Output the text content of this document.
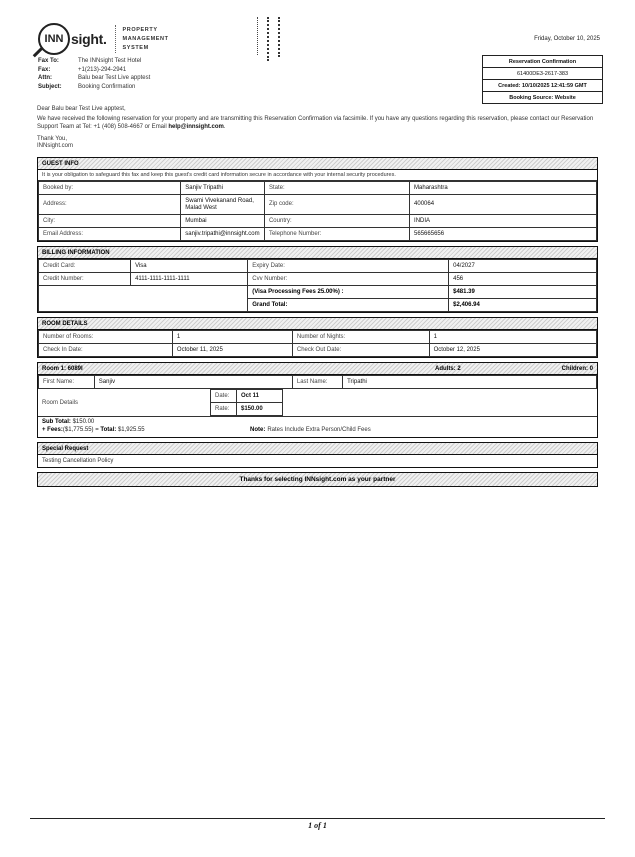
INN sight.
PROPERTY
MANAGEMENT
SYSTEM
Friday, October 10, 2025
Reservation Confirmation
61400DE3-2617-383
Created: 10/10/2025 12:41:59 GMT
Booking Source: Website
Fax To:	The INNsight Test Hotel
Fax:	+1(213)-294-2941
Attn:	Balu bear Test Live apptest
Subject:	Booking Confirmation
Dear Balu bear Test Live apptest,
We have received the following reservation for your property and are transmitting this Reservation Confirmation via facsimile. If you have any questions regarding this reservation, please contact our Reservation Support Team at Tel: +1 (408) 508-4667 or Email help@innsight.com.
Thank You,
INNsight.com
GUEST INFO
It is your obligation to safeguard this fax and keep this guest's credit card information secure in accordance with your internal security procedures.
Booked by:	Sanjiv Tripathi	State:	Maharashtra
Address:	Swami Vivekanand Road, Malad West	Zip code:	400064
City:	Mumbai	Country:	INDIA
Email Address:	sanjiv.tripathi@innsight.com	Telephone Number:	565665656
BILLING INFORMATION
Credit Card:	Visa	Expiry Date:	04/2027
Credit Number:	4111-1111-1111-1111	Cvv Number:	456
		(Visa Processing Fees 25.00%) :	$481.39
		Grand Total:	$2,406.94
ROOM DETAILS
Number of Rooms:	1	Number of Nights:	1
Check In Date:	October 11, 2025	Check Out Date:	October 12, 2025
Room 1: 6089I	Adults: 2	Children: 0
First Name:	Sanjiv	Last Name:	Tripathi
Room Details
Date:	Oct 11
Rate:	$150.00
Sub Total: $150.00
+ Fees:($1,775.55) = Total: $1,925.55	Note: Rates Include Extra Person/Child Fees
Special Request
Testing Cancellation Policy
Thanks for selecting INNsight.com as your partner
1 of 1
